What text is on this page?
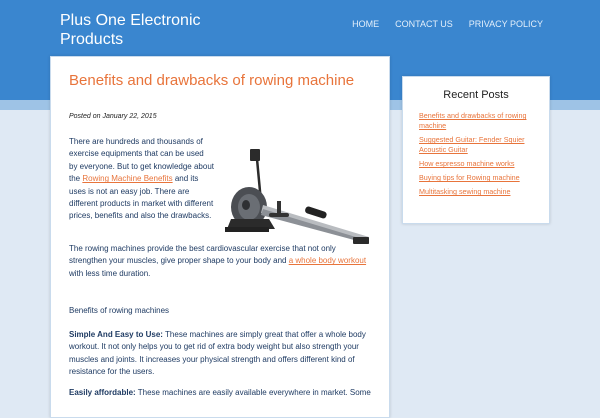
Plus One Electronic Products
HOME CONTACT US PRIVACY POLICY
Benefits and drawbacks of rowing machine
Posted on January 22, 2015
There are hundreds and thousands of exercise equipments that can be used by everyone. But to get knowledge about the Rowing Machine Benefits and its uses is not an easy job. There are different products in market with different prices, benefits and also the drawbacks.
The rowing machines provide the best cardiovascular exercise that not only strengthen your muscles, give proper shape to your body and a whole body workout with less time duration.
Benefits of rowing machines
Simple And Easy to Use: These machines are simply great that offer a whole body workout. It not only helps you to get rid of extra body weight but also strength your muscles and joints. It increases your physical strength and offers different kind of resistance for the users.
Easily affordable: These machines are easily available everywhere in market. Some
Recent Posts
Benefits and drawbacks of rowing machine
Suggested Guitar: Fender Squier Acoustic Guitar
How espresso machine works
Buying tips for Rowing machine
Multitasking sewing machine
